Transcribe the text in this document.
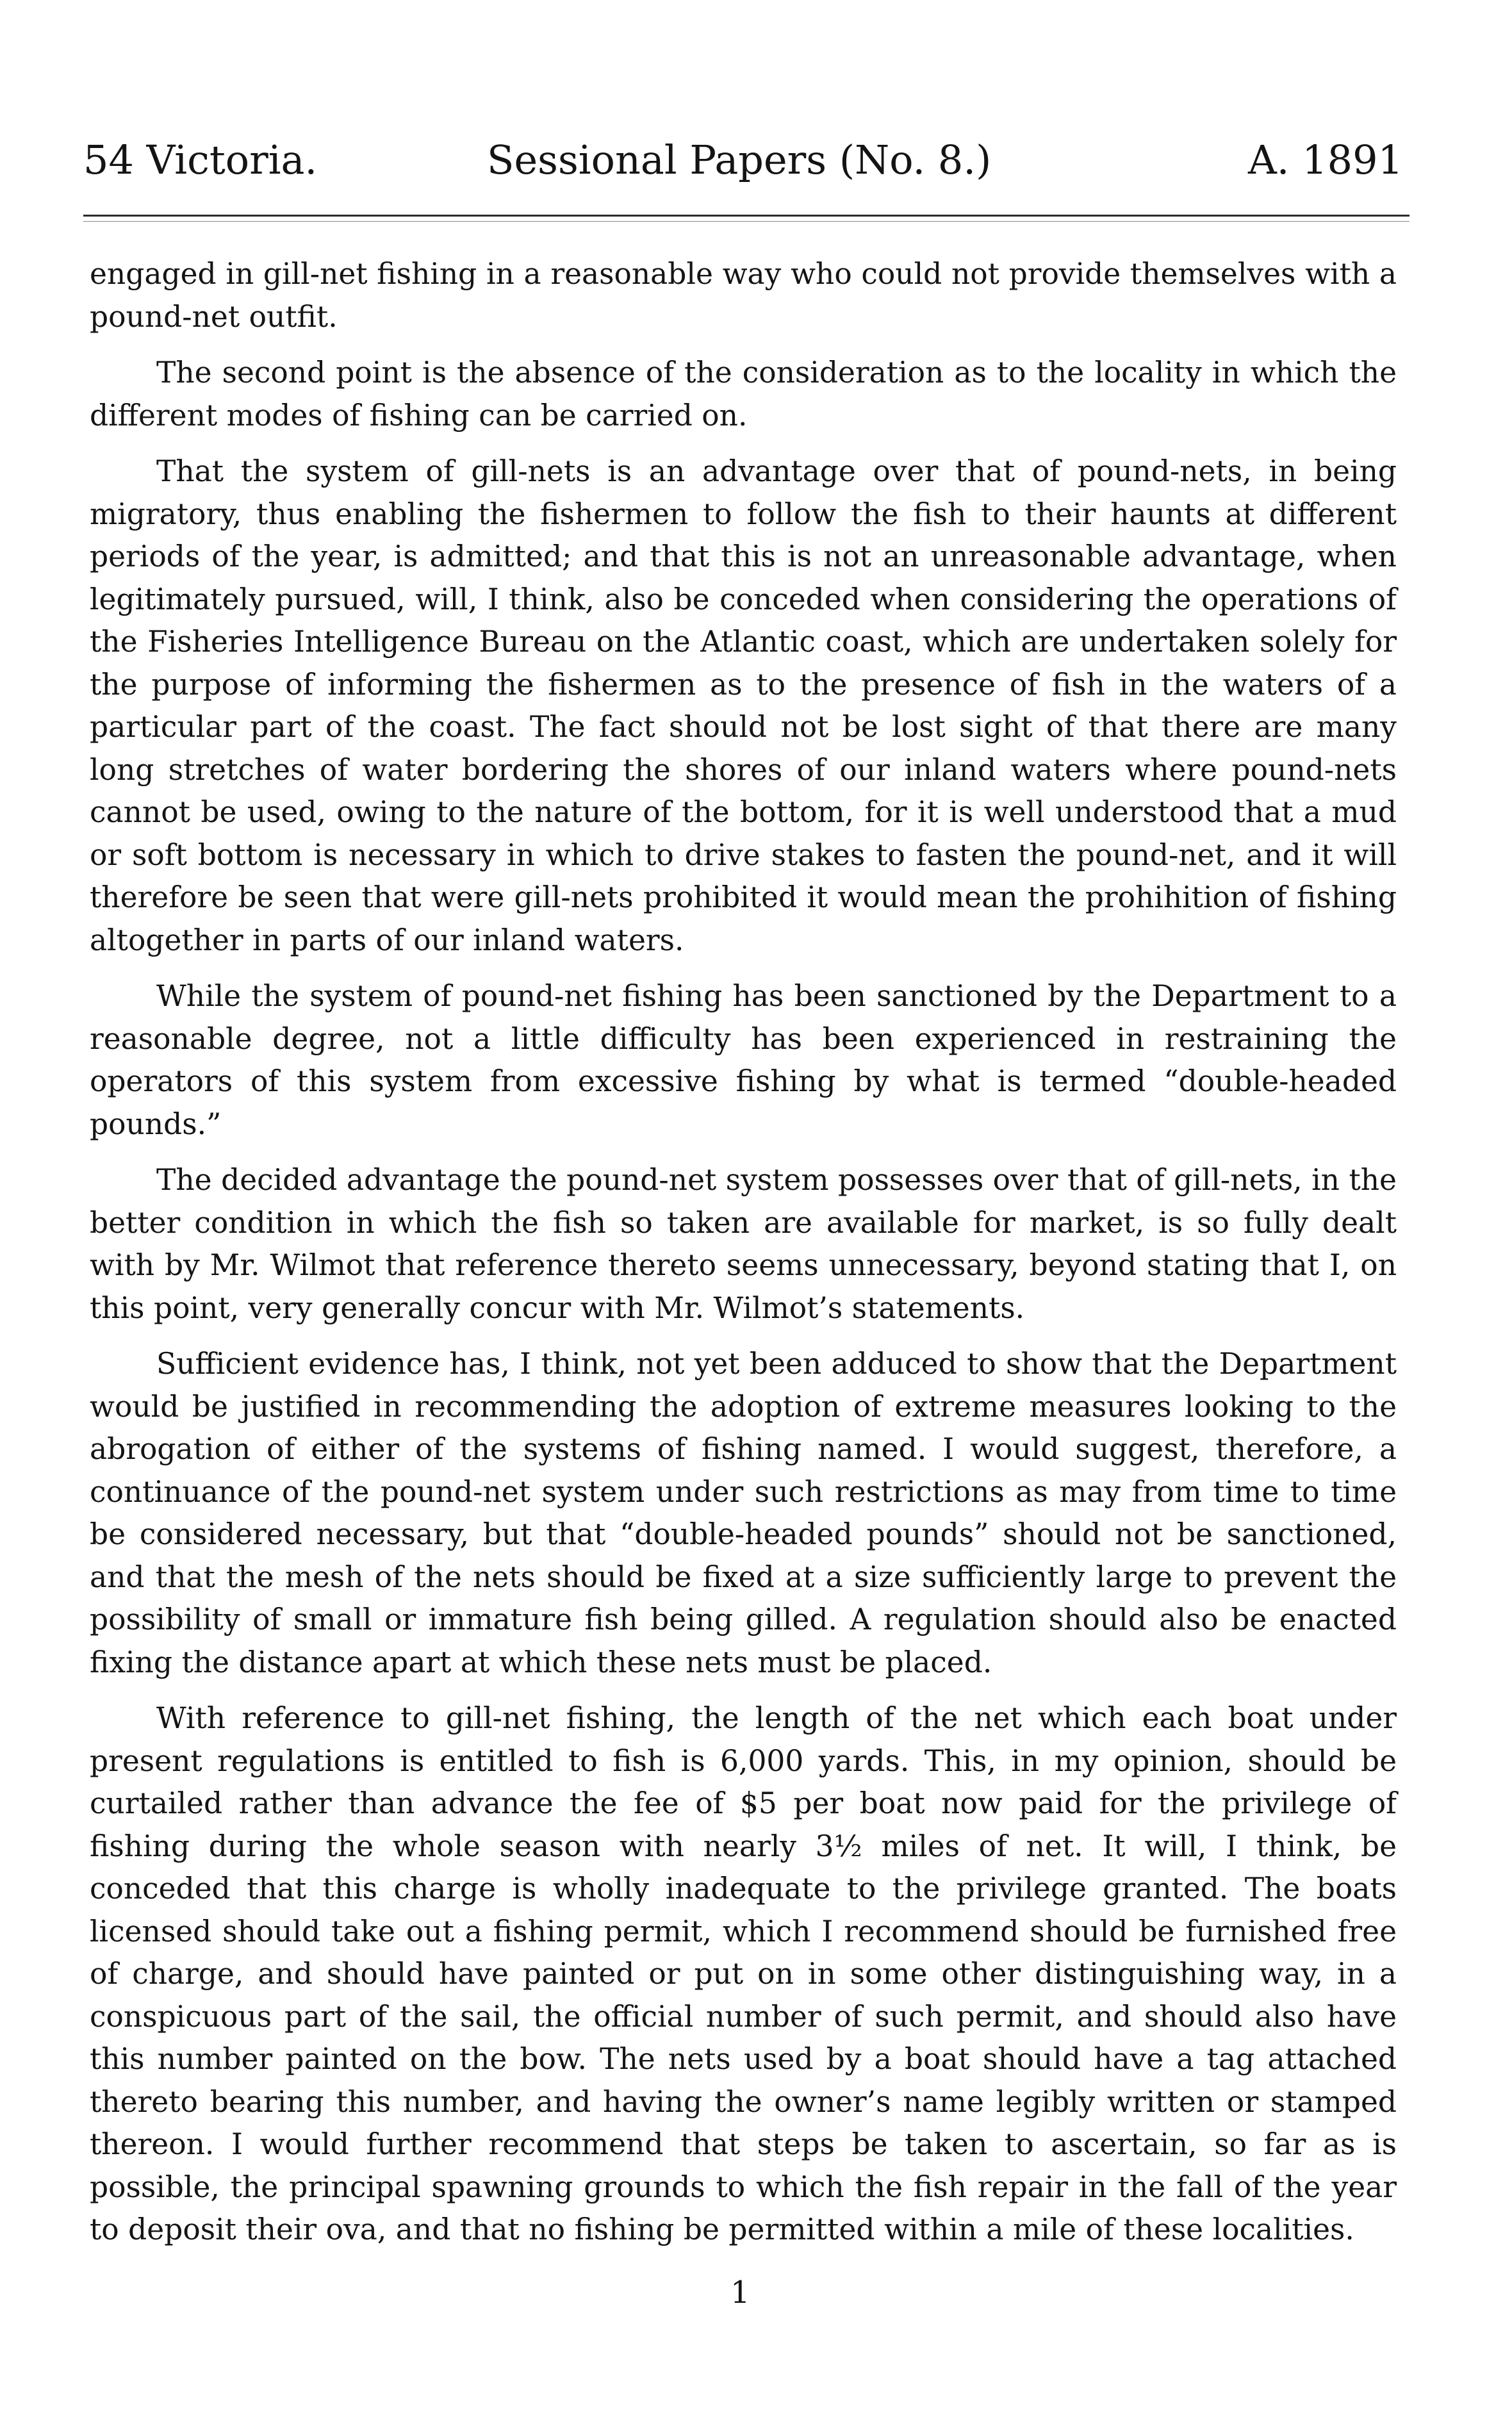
54 Victoria.	Sessional Papers (No. 8.)	A. 1891

engaged in gill-net fishing in a reasonable way who could not provide themselves with a pound-net outfit.

The second point is the absence of the consideration as to the locality in which the different modes of fishing can be carried on.

That the system of gill-nets is an advantage over that of pound-nets, in being migratory, thus enabling the fishermen to follow the fish to their haunts at different periods of the year, is admitted; and that this is not an unreasonable advantage, when legitimately pursued, will, I think, also be conceded when considering the operations of the Fisheries Intelligence Bureau on the Atlantic coast, which are undertaken solely for the purpose of informing the fishermen as to the presence of fish in the waters of a particular part of the coast. The fact should not be lost sight of that there are many long stretches of water bordering the shores of our inland waters where pound-nets cannot be used, owing to the nature of the bottom, for it is well understood that a mud or soft bottom is necessary in which to drive stakes to fasten the pound-net, and it will therefore be seen that were gill-nets prohibited it would mean the prohihition of fishing altogether in parts of our inland waters.

While the system of pound-net fishing has been sanctioned by the Department to a reasonable degree, not a little difficulty has been experienced in restraining the operators of this system from excessive fishing by what is termed “double-headed pounds.”

The decided advantage the pound-net system possesses over that of gill-nets, in the better condition in which the fish so taken are available for market, is so fully dealt with by Mr. Wilmot that reference thereto seems unnecessary, beyond stating that I, on this point, very generally concur with Mr. Wilmot’s statements.

Sufficient evidence has, I think, not yet been adduced to show that the Department would be justified in recommending the adoption of extreme measures looking to the abrogation of either of the systems of fishing named. I would suggest, therefore, a continuance of the pound-net system under such restrictions as may from time to time be considered necessary, but that “double-headed pounds” should not be sanctioned, and that the mesh of the nets should be fixed at a size sufficiently large to prevent the possibility of small or immature fish being gilled. A regulation should also be enacted fixing the distance apart at which these nets must be placed.

With reference to gill-net fishing, the length of the net which each boat under present regulations is entitled to fish is 6,000 yards. This, in my opinion, should be curtailed rather than advance the fee of $5 per boat now paid for the privilege of fishing during the whole season with nearly 3½ miles of net. It will, I think, be conceded that this charge is wholly inadequate to the privilege granted. The boats licensed should take out a fishing permit, which I recommend should be furnished free of charge, and should have painted or put on in some other distinguishing way, in a conspicuous part of the sail, the official number of such permit, and should also have this number painted on the bow. The nets used by a boat should have a tag attached thereto bearing this number, and having the owner’s name legibly written or stamped thereon. I would further recommend that steps be taken to ascertain, so far as is possible, the principal spawning grounds to which the fish repair in the fall of the year to deposit their ova, and that no fishing be permitted within a mile of these localities.

1
